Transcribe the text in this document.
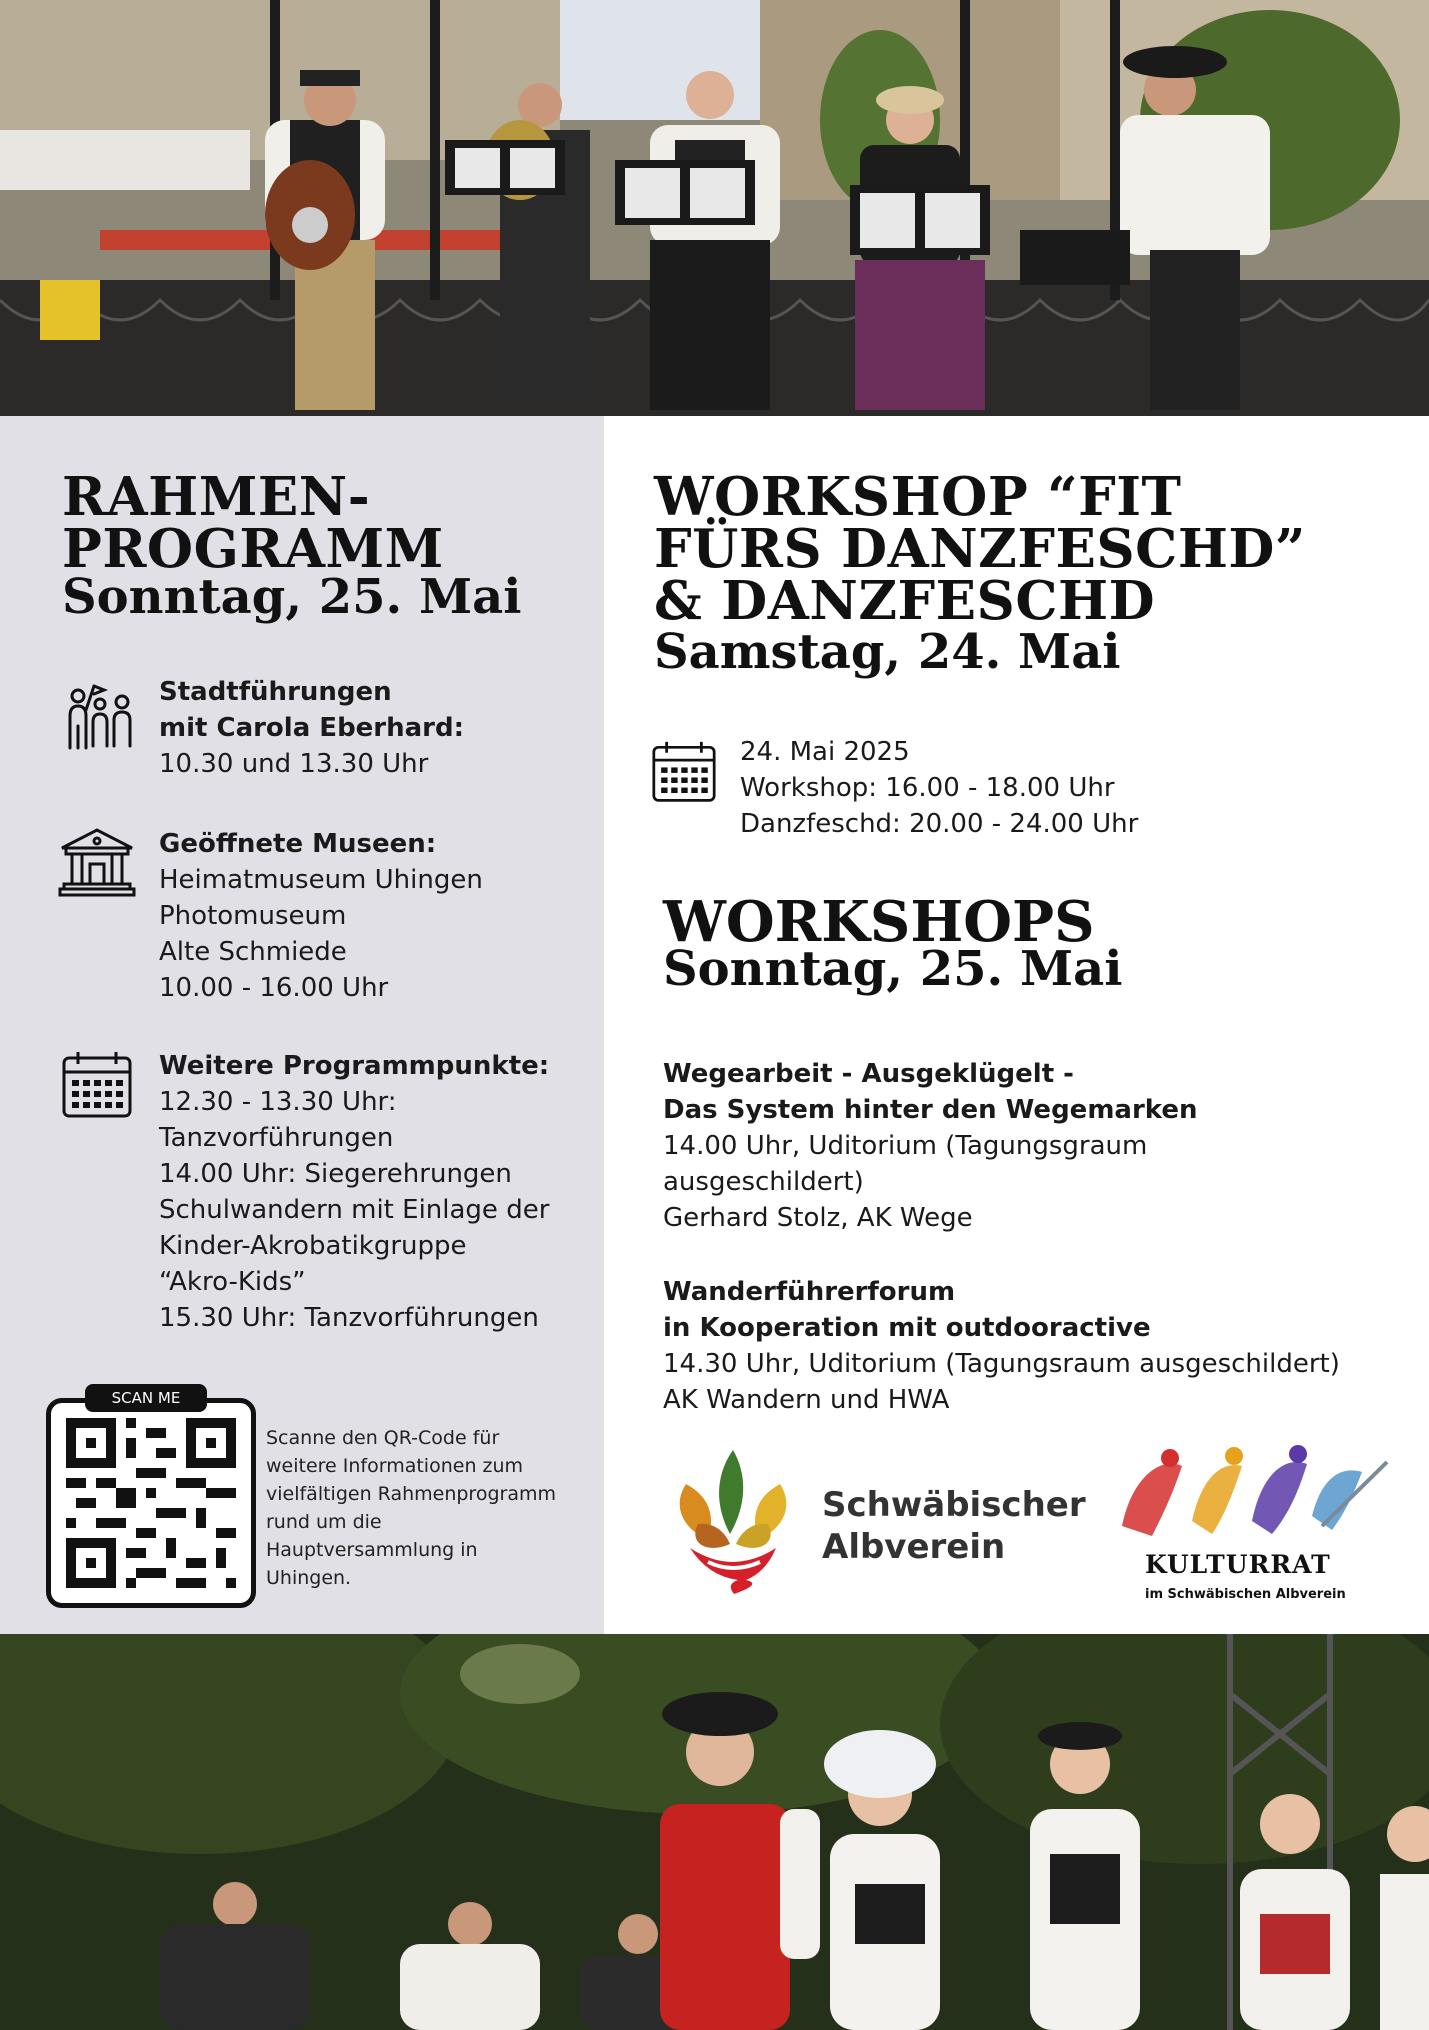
RAHMEN-
PROGRAMM
Sonntag, 25. Mai
Stadtführungen
mit Carola Eberhard:
10.30 und 13.30 Uhr
Geöffnete Museen:
Heimatmuseum Uhingen
Photomuseum
Alte Schmiede
10.00 - 16.00 Uhr
Weitere Programmpunkte:
12.30 - 13.30 Uhr:
Tanzvorführungen
14.00 Uhr: Siegerehrungen
Schulwandern mit Einlage der
Kinder-Akrobatikgruppe
“Akro-Kids”
15.30 Uhr: Tanzvorführungen
SCAN ME
Scanne den QR-Code für weitere Informationen zum vielfältigen Rahmenprogramm rund um die Hauptversammlung in Uhingen.
WORKSHOP “FIT
FÜRS DANZFESCHD”
& DANZFESCHD
Samstag, 24. Mai
24. Mai 2025
Workshop: 16.00 - 18.00 Uhr
Danzfeschd: 20.00 - 24.00 Uhr
WORKSHOPS
Sonntag, 25. Mai
Wegearbeit - Ausgeklügelt -
Das System hinter den Wegemarken
14.00 Uhr, Uditorium (Tagungsgraum
ausgeschildert)
Gerhard Stolz, AK Wege
Wanderführerforum
in Kooperation mit outdooractive
14.30 Uhr, Uditorium (Tagungsraum ausgeschildert)
AK Wandern und HWA
Schwäbischer
Albverein	KULTURRAT
im Schwäbischen Albverein
